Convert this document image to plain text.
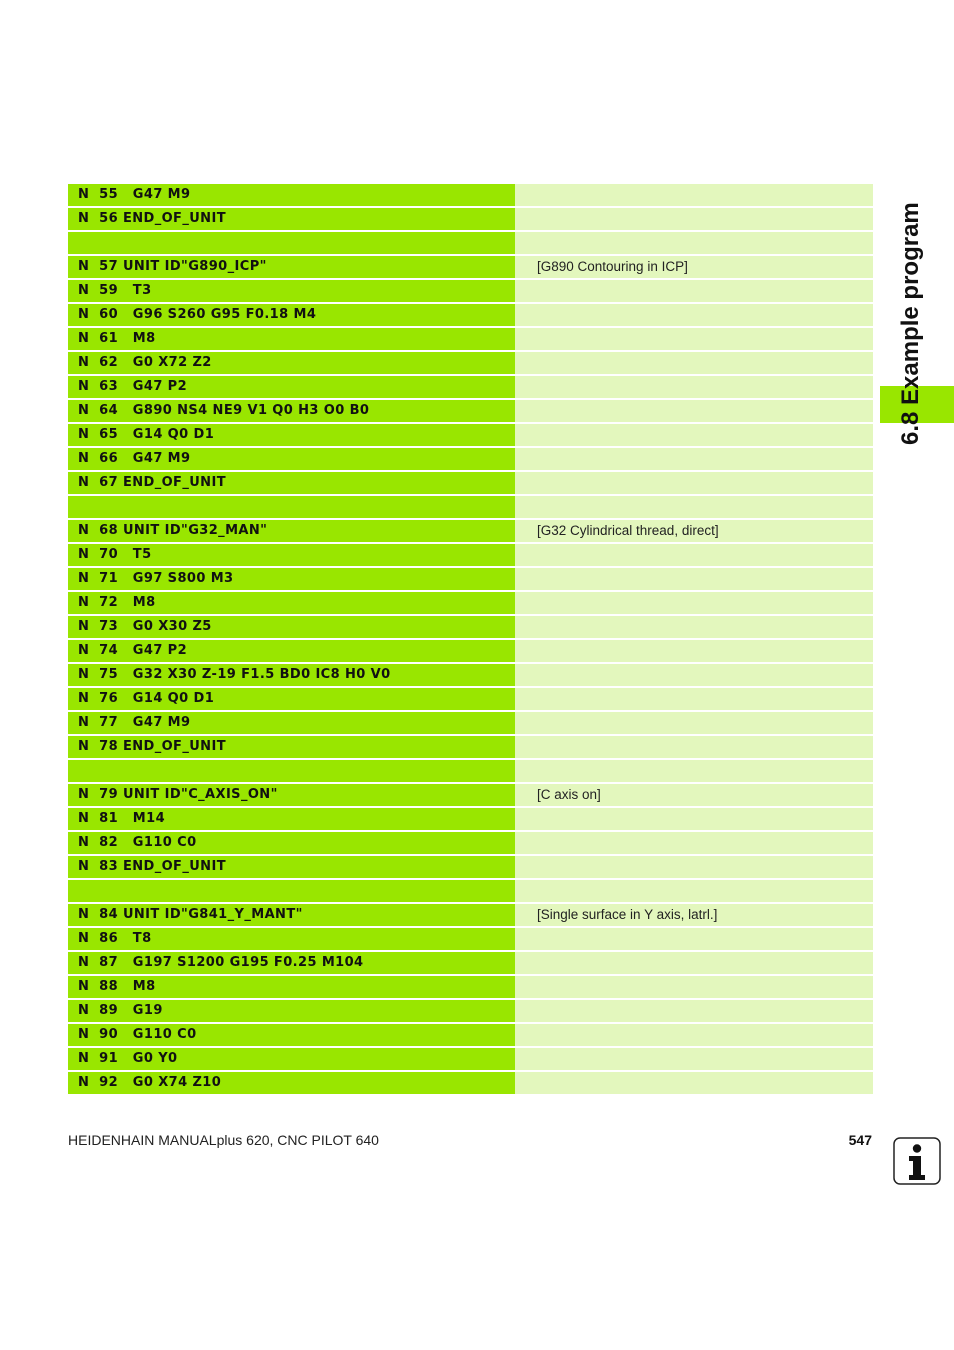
N  55   G47 M9
N  56 END_OF_UNIT
N  57 UNIT ID"G890_ICP"	[G890 Contouring in ICP]
N  59   T3
N  60   G96 S260 G95 F0.18 M4
N  61   M8
N  62   G0 X72 Z2
N  63   G47 P2
N  64   G890 NS4 NE9 V1 Q0 H3 O0 B0
N  65   G14 Q0 D1
N  66   G47 M9
N  67 END_OF_UNIT
N  68 UNIT ID"G32_MAN"	[G32 Cylindrical thread, direct]
N  70   T5
N  71   G97 S800 M3
N  72   M8
N  73   G0 X30 Z5
N  74   G47 P2
N  75   G32 X30 Z-19 F1.5 BD0 IC8 H0 V0
N  76   G14 Q0 D1
N  77   G47 M9
N  78 END_OF_UNIT
N  79 UNIT ID"C_AXIS_ON"	[C axis on]
N  81   M14
N  82   G110 C0
N  83 END_OF_UNIT
N  84 UNIT ID"G841_Y_MANT"	[Single surface in Y axis, latrl.]
N  86   T8
N  87   G197 S1200 G195 F0.25 M104
N  88   M8
N  89   G19
N  90   G110 C0
N  91   G0 Y0
N  92   G0 X74 Z10
6.8 Example program
HEIDENHAIN MANUALplus 620, CNC PILOT 640	547
